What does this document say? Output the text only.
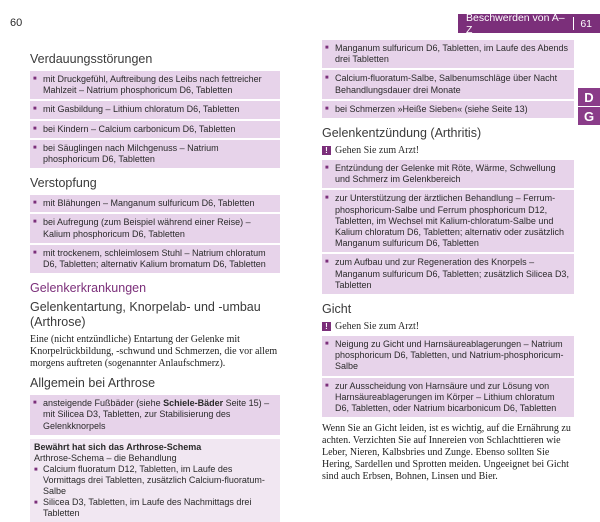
60	Beschwerden von A–Z	61
D
G
Verdauungsstörungen
■ mit Druckgefühl, Auftreibung des Leibs nach fettreicher Mahlzeit – Natrium phosphoricum D6, Tabletten
■ mit Gasbildung – Lithium chloratum D6, Tabletten
■ bei Kindern – Calcium carbonicum D6, Tabletten
■ bei Säuglingen nach Milchgenuss – Natrium phosphoricum D6, Tabletten
Verstopfung
■ mit Blähungen – Manganum sulfuricum D6, Tabletten
■ bei Aufregung (zum Beispiel während einer Reise) – Kalium phosphoricum D6, Tabletten
■ mit trockenem, schleimlosem Stuhl – Natrium chloratum D6, Tabletten; alternativ Kalium bromatum D6, Tabletten
Gelenkerkrankungen
Gelenkentartung, Knorpelab- und -umbau (Arthrose)
Eine (nicht entzündliche) Entartung der Gelenke mit Knorpelrückbildung, -schwund und Schmerzen, die vor allem morgens auftreten (sogenannter Anlaufschmerz).
Allgemein bei Arthrose
■ ansteigende Fußbäder (siehe Schiele-Bäder Seite 15) – mit Silicea D3, Tabletten, zur Stabilisierung des Gelenkknorpels
Bewährt hat sich das Arthrose-Schema
Arthrose-Schema – die Behandlung
■ Calcium fluoratum D12, Tabletten, im Laufe des Vormittags drei Tabletten, zusätzlich Calcium-fluoratum-Salbe
■ Silicea D3, Tabletten, im Laufe des Nachmittags drei Tabletten
■ Manganum sulfuricum D6, Tabletten, im Laufe des Abends drei Tabletten
■ Calcium-fluoratum-Salbe, Salbenumschläge über Nacht Behandlungsdauer drei Monate
■ bei Schmerzen »Heiße Sieben« (siehe Seite 13)
Gelenkentzündung (Arthritis)
! Gehen Sie zum Arzt!
■ Entzündung der Gelenke mit Röte, Wärme, Schwellung und Schmerz im Gelenkbereich
■ zur Unterstützung der ärztlichen Behandlung – Ferrum-phosphoricum-Salbe und Ferrum phosphoricum D12, Tabletten, im Wechsel mit Kalium-chloratum-Salbe und Kalium chloratum D6, Tabletten; alternativ oder zusätzlich Manganum sulfuricum D6, Tabletten
■ zum Aufbau und zur Regeneration des Knorpels – Manganum sulfuricum D6, Tabletten; zusätzlich Silicea D3, Tabletten
Gicht
! Gehen Sie zum Arzt!
■ Neigung zu Gicht und Harnsäureablagerungen – Natrium phosphoricum D6, Tabletten, und Natrium-phosphoricum-Salbe
■ zur Ausscheidung von Harnsäure und zur Lösung von Harnsäureablagerungen im Körper – Lithium chloratum D6, Tabletten, oder Natrium bicarbonicum D6, Tabletten
Wenn Sie an Gicht leiden, ist es wichtig, auf die Ernährung zu achten. Verzichten Sie auf Innereien von Schlachttieren wie Leber, Nieren, Kalbsbries und Zunge. Ebenso sollten Sie Hering, Sardellen und Sprotten meiden. Ungeeignet bei Gicht sind auch Erbsen, Bohnen, Linsen und Bier.
